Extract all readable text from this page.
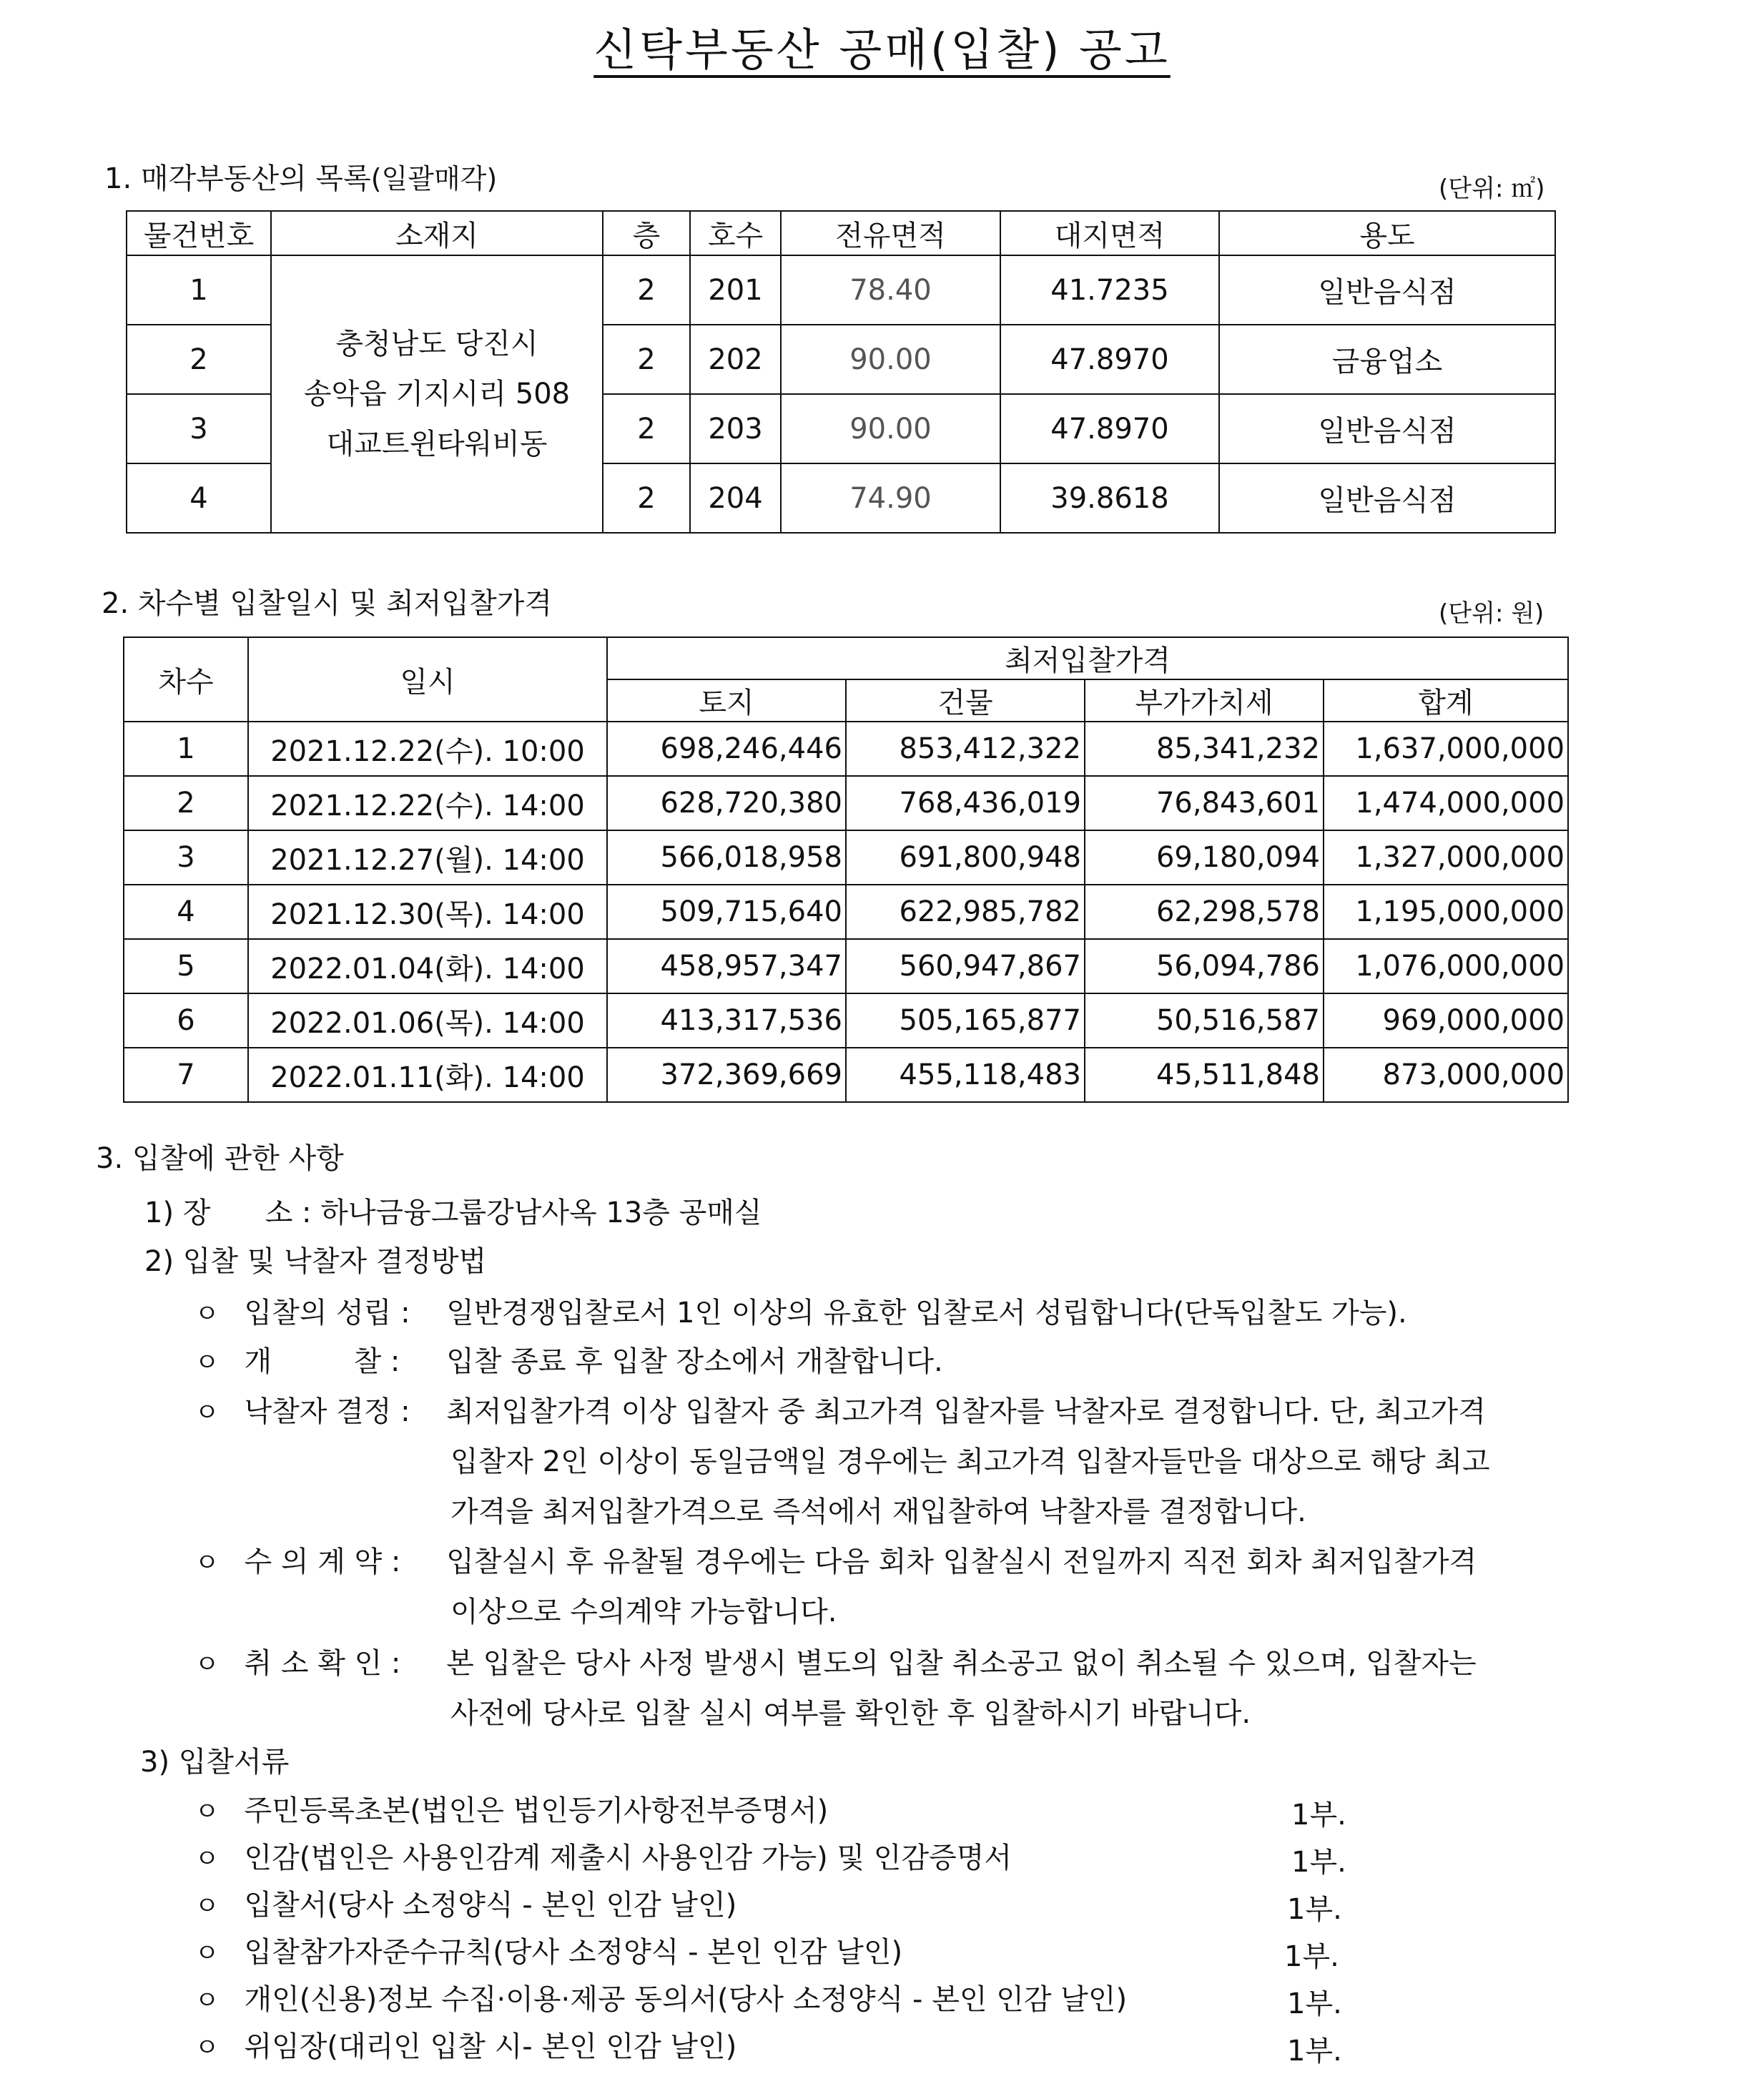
신탁부동산 공매(입찰) 공고
1. 매각부동산의 목록(일괄매각)	(단위: ㎡)
물건번호	소재지	층	호수	전유면적	대지면적	용도
1	충청남도 당진시
송악읍 기지시리 508
대교트윈타워비동	2	201	78.40	41.7235	일반음식점
2		2	202	90.00	47.8970	금융업소
3		2	203	90.00	47.8970	일반음식점
4		2	204	74.90	39.8618	일반음식점
2. 차수별 입찰일시 및 최저입찰가격	(단위: 원)
차수	일시	최저입찰가격			
		토지	건물	부가가치세	합계
1	2021.12.22(수). 10:00	698,246,446	853,412,322	85,341,232	1,637,000,000
2	2021.12.22(수). 14:00	628,720,380	768,436,019	76,843,601	1,474,000,000
3	2021.12.27(월). 14:00	566,018,958	691,800,948	69,180,094	1,327,000,000
4	2021.12.30(목). 14:00	509,715,640	622,985,782	62,298,578	1,195,000,000
5	2022.01.04(화). 14:00	458,957,347	560,947,867	56,094,786	1,076,000,000
6	2022.01.06(목). 14:00	413,317,536	505,165,877	50,516,587	969,000,000
7	2022.01.11(화). 14:00	372,369,669	455,118,483	45,511,848	873,000,000
3. 입찰에 관한 사항
1) 장      소 : 하나금융그룹강남사옥 13층 공매실
2) 입찰 및 낙찰자 결정방법
ㅇ 입찰의 성립 : 일반경쟁입찰로서 1인 이상의 유효한 입찰로서 성립합니다(단독입찰도 가능).
ㅇ 개         찰 : 입찰 종료 후 입찰 장소에서 개찰합니다.
ㅇ 낙찰자 결정 : 최저입찰가격 이상 입찰자 중 최고가격 입찰자를 낙찰자로 결정합니다. 단, 최고가격
입찰자 2인 이상이 동일금액일 경우에는 최고가격 입찰자들만을 대상으로 해당 최고
가격을 최저입찰가격으로 즉석에서 재입찰하여 낙찰자를 결정합니다.
ㅇ 수 의 계 약 : 입찰실시 후 유찰될 경우에는 다음 회차 입찰실시 전일까지 직전 회차 최저입찰가격
이상으로 수의계약 가능합니다.
ㅇ 취 소 확 인 : 본 입찰은 당사 사정 발생시 별도의 입찰 취소공고 없이 취소될 수 있으며, 입찰자는
사전에 당사로 입찰 실시 여부를 확인한 후 입찰하시기 바랍니다.
3) 입찰서류
ㅇ 주민등록초본(법인은 법인등기사항전부증명서)	1부.
ㅇ 인감(법인은 사용인감계 제출시 사용인감 가능) 및 인감증명서	1부.
ㅇ 입찰서(당사 소정양식 - 본인 인감 날인)	1부.
ㅇ 입찰참가자준수규칙(당사 소정양식 - 본인 인감 날인)	1부.
ㅇ 개인(신용)정보 수집·이용·제공 동의서(당사 소정양식 - 본인 인감 날인)	1부.
ㅇ 위임장(대리인 입찰 시- 본인 인감 날인)	1부.
